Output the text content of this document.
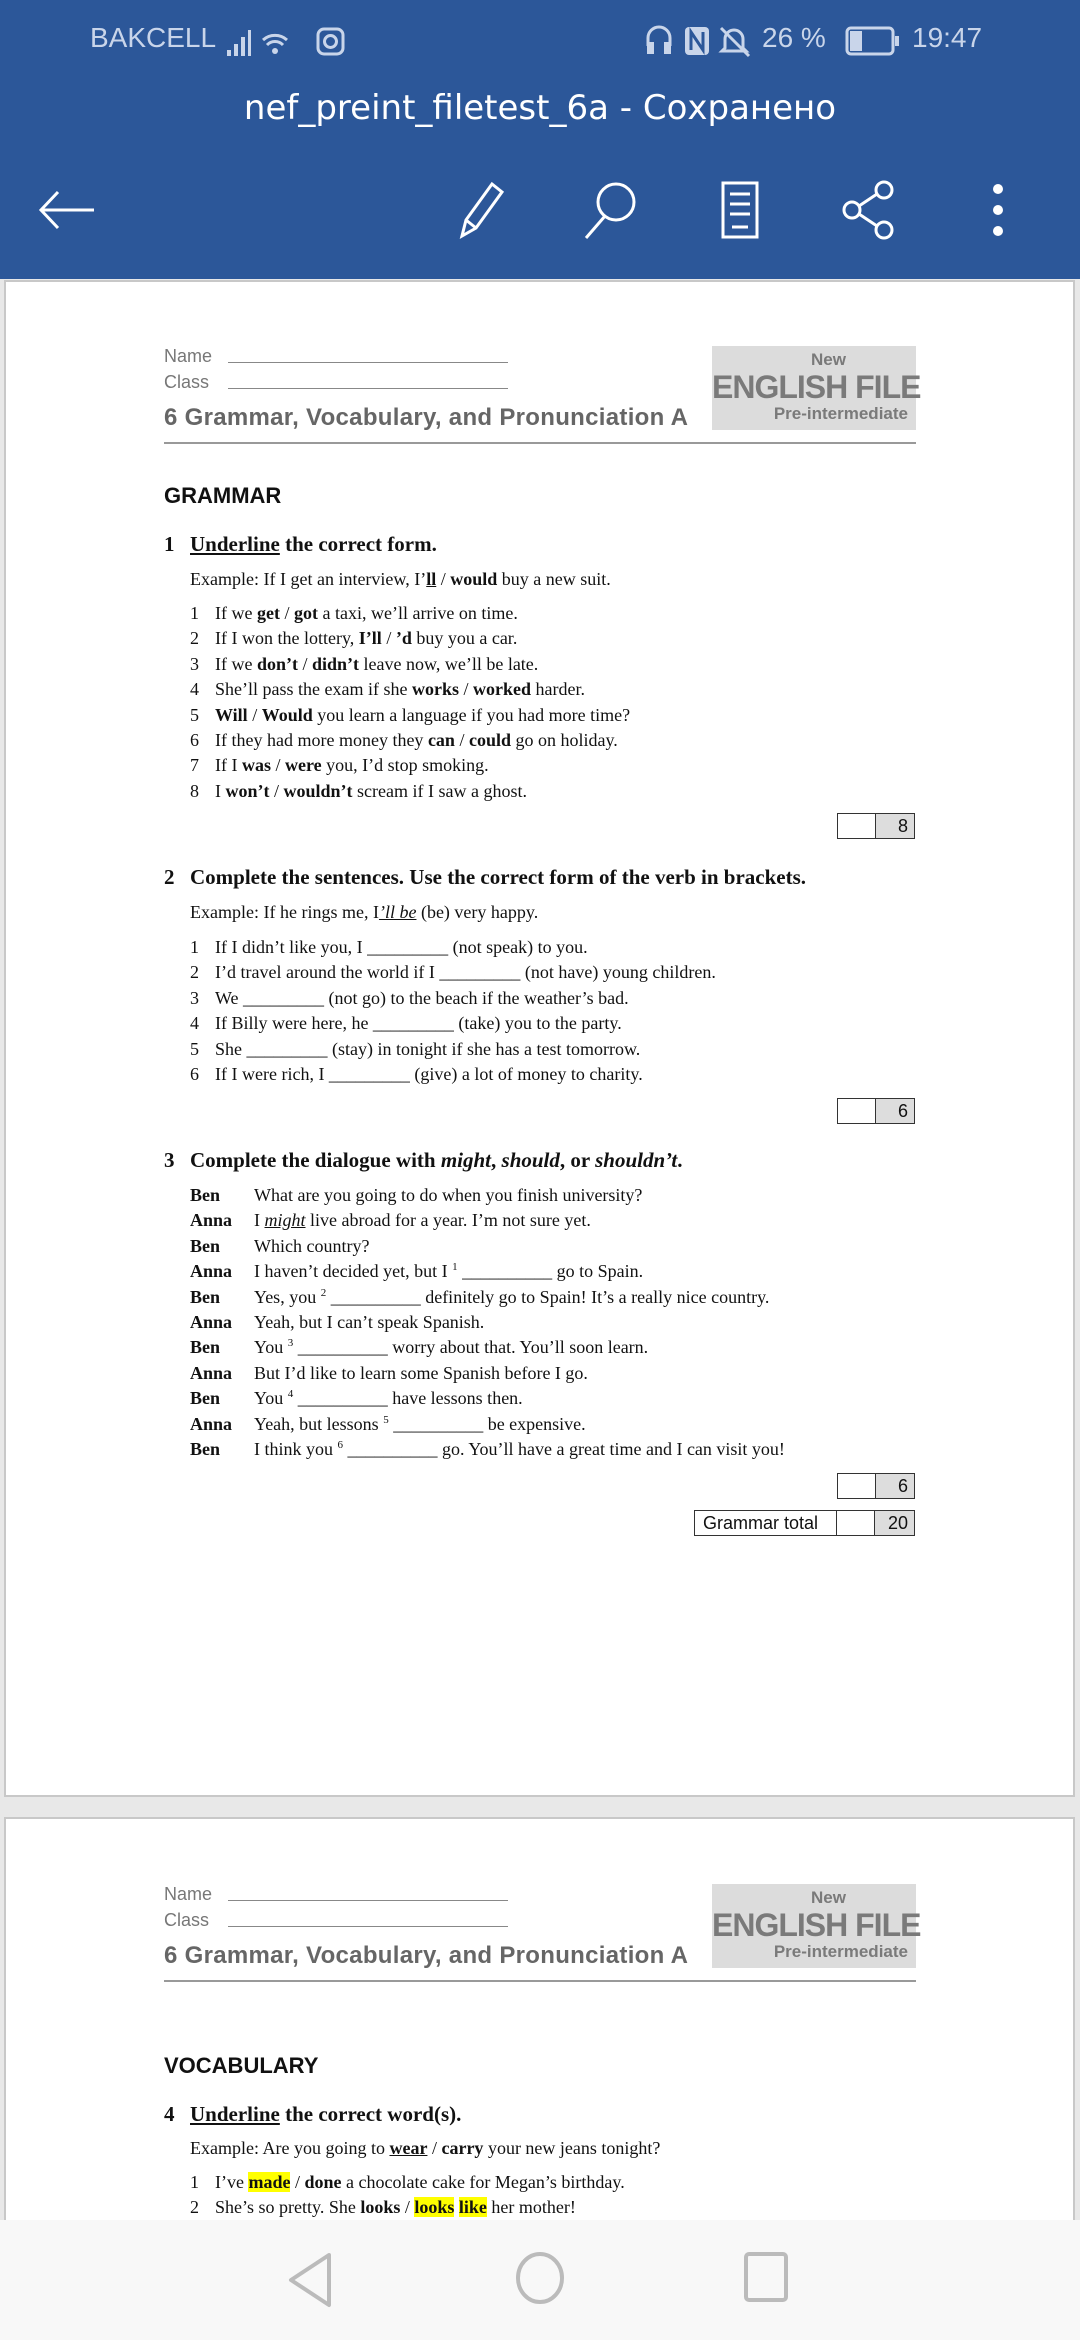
BAKCELL	26 %	19:47
nef_preint_filetest_6a - Сохранено
Name
Class
6 Grammar, Vocabulary, and Pronunciation A
New
ENGLISH FILE
Pre-intermediate
GRAMMAR
1 Underline the correct form.
Example: If I get an interview, I’ll / would buy a new suit.
1 If we get / got a taxi, we’ll arrive on time.
2 If I won the lottery, I’ll / ’d buy you a car.
3 If we don’t / didn’t leave now, we’ll be late.
4 She’ll pass the exam if she works / worked harder.
5 Will / Would you learn a language if you had more time?
6 If they had more money they can / could go on holiday.
7 If I was / were you, I’d stop smoking.
8 I won’t / wouldn’t scream if I saw a ghost.
8
2 Complete the sentences. Use the correct form of the verb in brackets.
Example: If he rings me, I’ll be (be) very happy.
1 If I didn’t like you, I _________ (not speak) to you.
2 I’d travel around the world if I _________ (not have) young children.
3 We _________ (not go) to the beach if the weather’s bad.
4 If Billy were here, he _________ (take) you to the party.
5 She _________ (stay) in tonight if she has a test tomorrow.
6 If I were rich, I _________ (give) a lot of money to charity.
6
3 Complete the dialogue with might, should, or shouldn’t.
Ben What are you going to do when you finish university?
Anna I might live abroad for a year. I’m not sure yet.
Ben Which country?
Anna I haven’t decided yet, but I $^1$ __________ go to Spain.
Ben Yes, you $^2$ __________ definitely go to Spain! It’s a really nice country.
Anna Yeah, but I can’t speak Spanish.
Ben You $^3$ __________ worry about that. You’ll soon learn.
Anna But I’d like to learn some Spanish before I go.
Ben You $^4$ __________ have lessons then.
Anna Yeah, but lessons $^5$ __________ be expensive.
Ben I think you $^6$ __________ go. You’ll have a great time and I can visit you!
6
Grammar total	20
Name
Class
6 Grammar, Vocabulary, and Pronunciation A
New
ENGLISH FILE
Pre-intermediate
VOCABULARY
4 Underline the correct word(s).
Example: Are you going to wear / carry your new jeans tonight?
1 I’ve made / done a chocolate cake for Megan’s birthday.
2 She’s so pretty. She looks / looks like her mother!
